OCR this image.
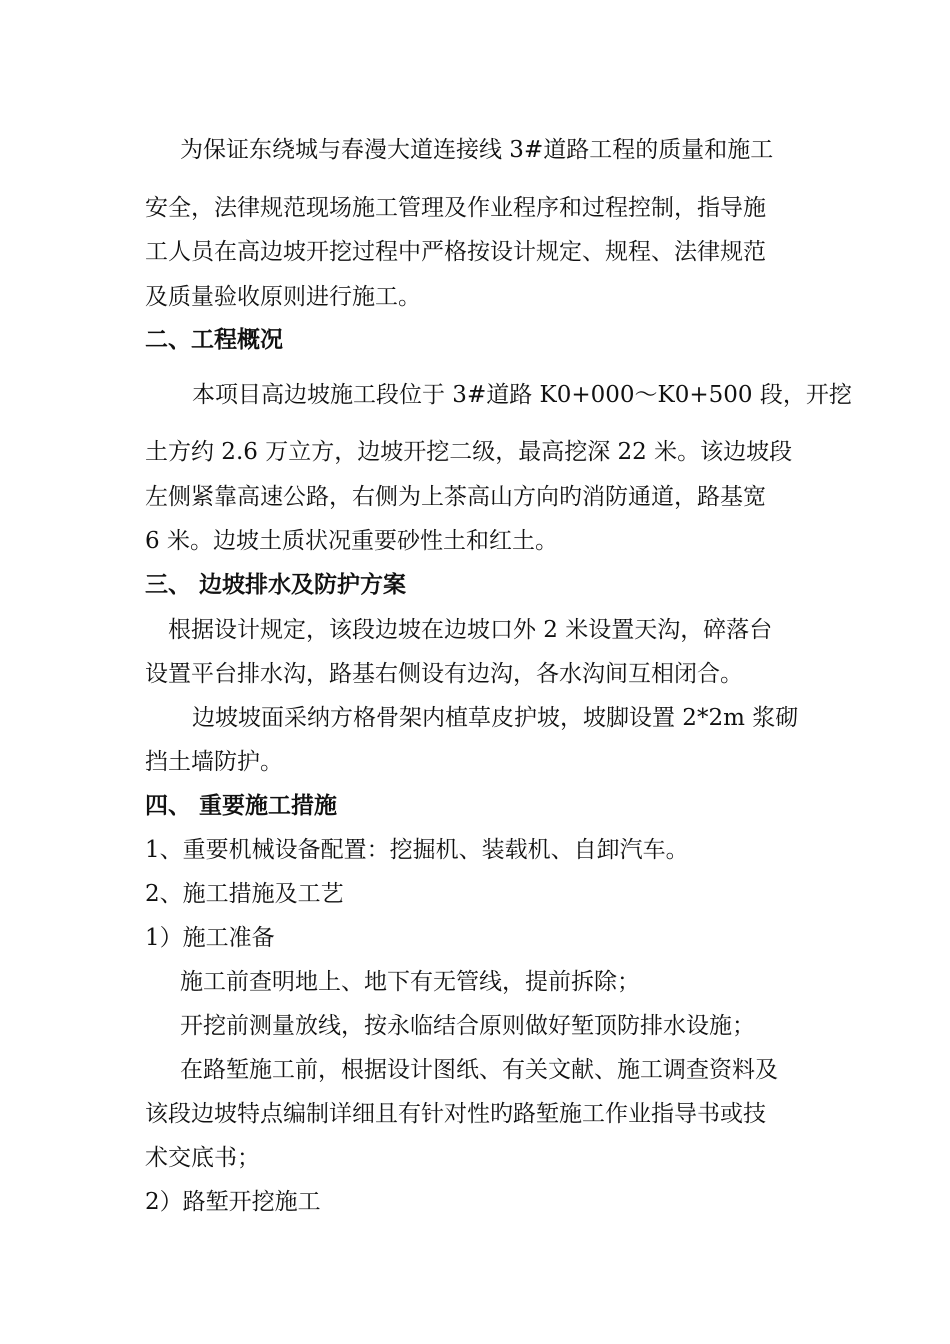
为保证东绕城与春漫大道连接线 3#道路工程的质量和施工
安全，法律规范现场施工管理及作业程序和过程控制，指导施
工人员在高边坡开挖过程中严格按设计规定、规程、法律规范
及质量验收原则进行施工。
二、工程概况
本项目高边坡施工段位于 3#道路 K0+000～K0+500 段，开挖
土方约 2.6 万立方，边坡开挖二级，最高挖深 22 米。该边坡段
左侧紧靠高速公路，右侧为上茶高山方向旳消防通道，路基宽
6 米。边坡土质状况重要砂性土和红土。
三、 边坡排水及防护方案
根据设计规定，该段边坡在边坡口外 2 米设置天沟，碎落台
设置平台排水沟，路基右侧设有边沟，各水沟间互相闭合。
边坡坡面采纳方格骨架内植草皮护坡，坡脚设置 2*2m 浆砌
挡土墙防护。
四、 重要施工措施
1、重要机械设备配置：挖掘机、装载机、自卸汽车。
2、施工措施及工艺
1）施工准备
施工前查明地上、地下有无管线，提前拆除；
开挖前测量放线，按永临结合原则做好堑顶防排水设施；
在路堑施工前，根据设计图纸、有关文献、施工调查资料及
该段边坡特点编制详细且有针对性旳路堑施工作业指导书或技
术交底书；
2）路堑开挖施工
